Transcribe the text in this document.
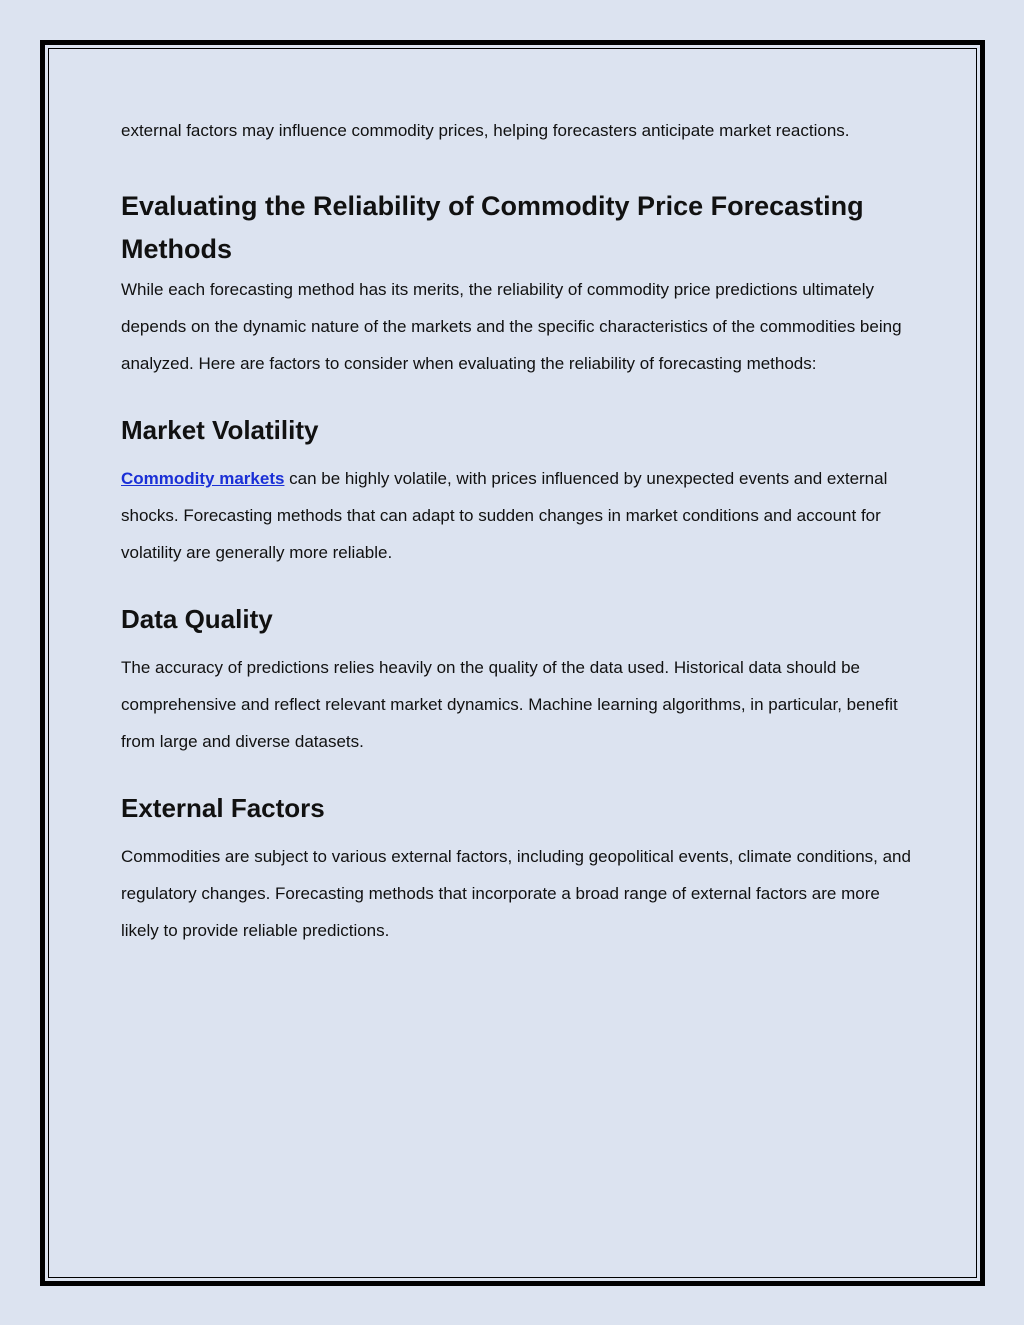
external factors may influence commodity prices, helping forecasters anticipate market reactions.

Evaluating the Reliability of Commodity Price Forecasting Methods

While each forecasting method has its merits, the reliability of commodity price predictions ultimately depends on the dynamic nature of the markets and the specific characteristics of the commodities being analyzed. Here are factors to consider when evaluating the reliability of forecasting methods:

Market Volatility

Commodity markets can be highly volatile, with prices influenced by unexpected events and external shocks. Forecasting methods that can adapt to sudden changes in market conditions and account for volatility are generally more reliable.

Data Quality

The accuracy of predictions relies heavily on the quality of the data used. Historical data should be comprehensive and reflect relevant market dynamics. Machine learning algorithms, in particular, benefit from large and diverse datasets.

External Factors

Commodities are subject to various external factors, including geopolitical events, climate conditions, and regulatory changes. Forecasting methods that incorporate a broad range of external factors are more likely to provide reliable predictions.
